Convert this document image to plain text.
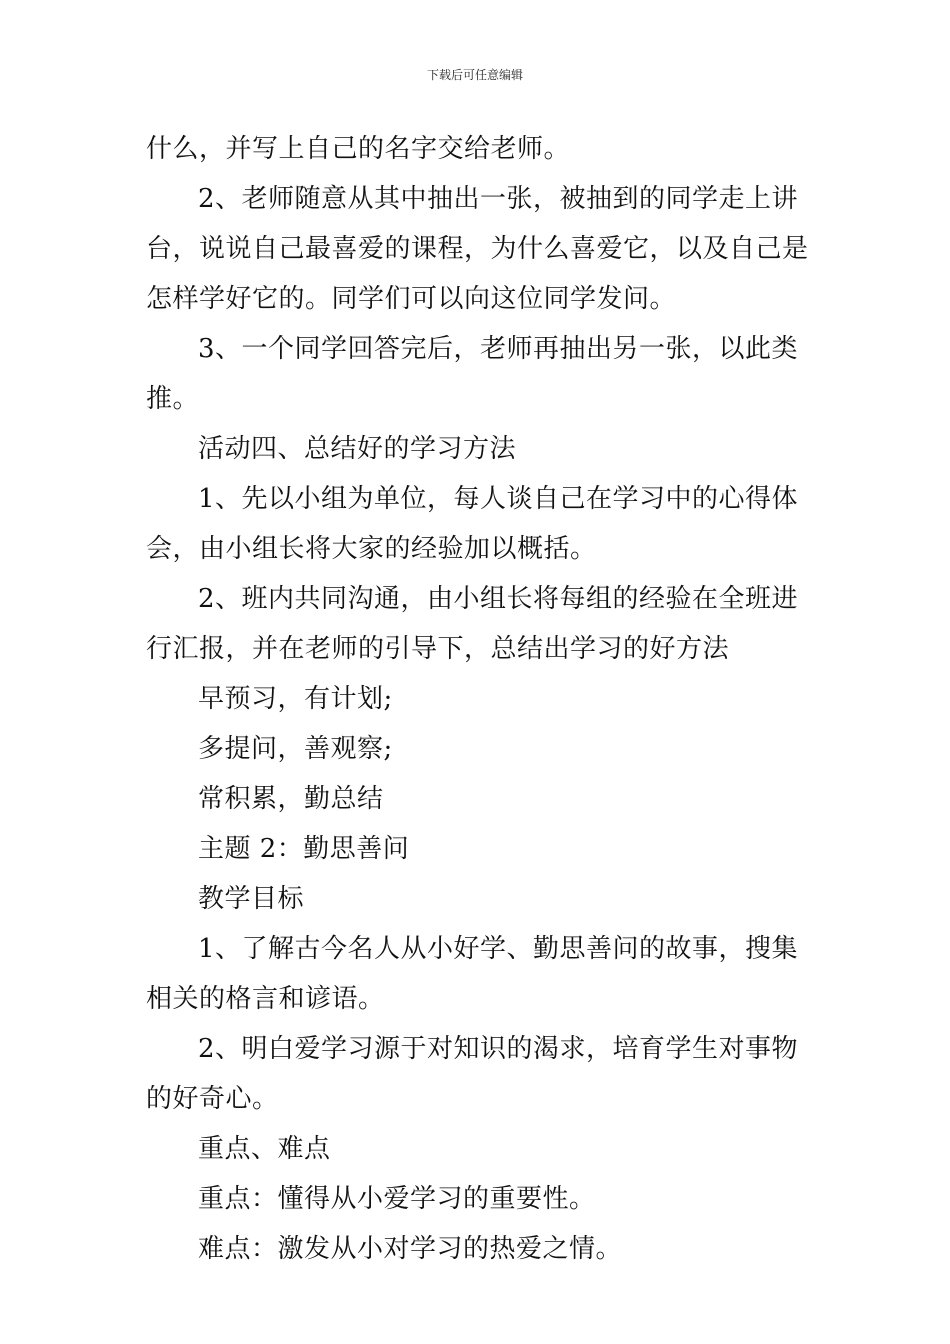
下载后可任意编辑

什么，并写上自己的名字交给老师。

2、老师随意从其中抽出一张，被抽到的同学走上讲台，说说自己最喜爱的课程，为什么喜爱它，以及自己是怎样学好它的。同学们可以向这位同学发问。

3、一个同学回答完后，老师再抽出另一张，以此类推。

活动四、总结好的学习方法

1、先以小组为单位，每人谈自己在学习中的心得体会，由小组长将大家的经验加以概括。

2、班内共同沟通，由小组长将每组的经验在全班进行汇报，并在老师的引导下，总结出学习的好方法

早预习，有计划;

多提问，善观察;

常积累，勤总结

主题 2：勤思善问

教学目标

1、了解古今名人从小好学、勤思善问的故事，搜集相关的格言和谚语。

2、明白爱学习源于对知识的渴求，培育学生对事物的好奇心。

重点、难点

重点：懂得从小爱学习的重要性。

难点：激发从小对学习的热爱之情。
